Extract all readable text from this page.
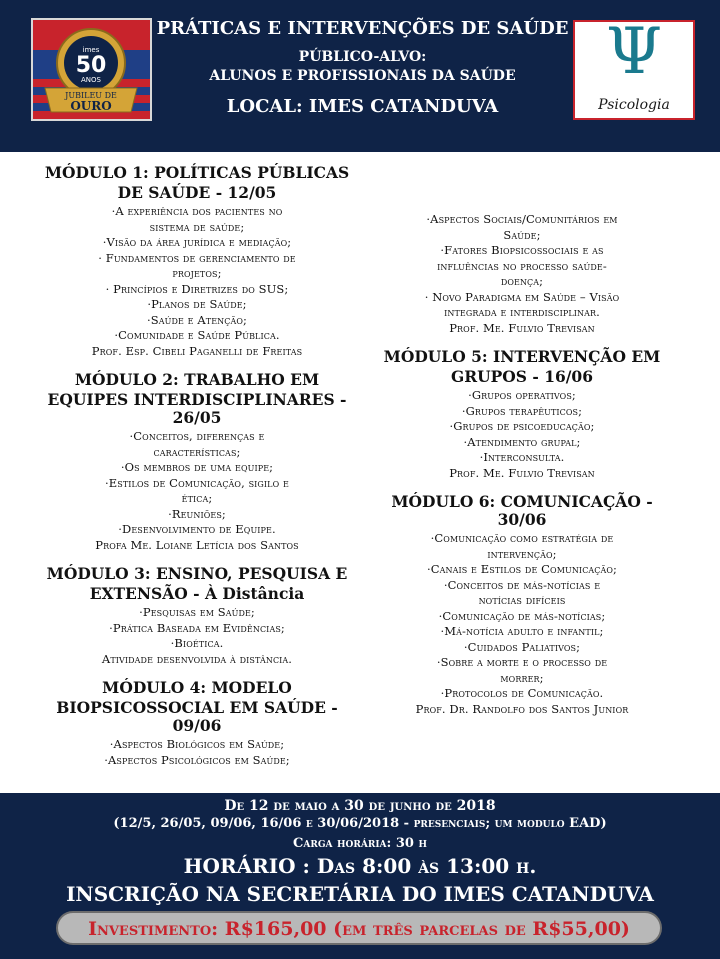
imes
50
ANOS
JUBILEU DE
OURO
PRÁTICAS E INTERVENÇÕES DE SAÚDE
PÚBLICO-ALVO:
ALUNOS E PROFISSIONAIS DA SAÚDE
LOCAL: IMES CATANDUVA
Ψ
Psicologia
MÓDULO 1: POLÍTICAS PÚBLICAS
DE SAÚDE - 12/05
·A experiência dos pacientes no
sistema de saúde;
·Visão da área jurídica e mediação;
· Fundamentos de gerenciamento de
projetos;
· Princípios e Diretrizes do SUS;
·Planos de Saúde;
·Saúde e Atenção;
·Comunidade e Saúde Pública.
Prof. Esp. Cibeli Paganelli de Freitas
MÓDULO 2: TRABALHO EM
EQUIPES INTERDISCIPLINARES - 26/05
·Conceitos, diferenças e
características;
·Os membros de uma equipe;
·Estilos de Comunicação, sigilo e
ética;
·Reuniões;
·Desenvolvimento de Equipe.
Profa Me. Loiane Letícia dos Santos
MÓDULO 3: ENSINO, PESQUISA E
EXTENSÃO - À Distância
·Pesquisas em Saúde;
·Prática Baseada em Evidências;
·Bioética.
Atividade desenvolvida à distância.
MÓDULO 4: MODELO
BIOPSICOSSOCIAL EM SAÚDE - 09/06
·Aspectos Biológicos em Saúde;
·Aspectos Psicológicos em Saúde;
·Aspectos Sociais/Comunitários em
Saúde;
·Fatores Biopsicossociais e as
influências no processo saúde-
doença;
· Novo Paradigma em Saúde – Visão
integrada e interdisciplinar.
Prof. Me. Fulvio Trevisan
MÓDULO 5: INTERVENÇÃO EM
GRUPOS - 16/06
·Grupos operativos;
·Grupos terapêuticos;
·Grupos de psicoeducação;
·Atendimento grupal;
·Interconsulta.
Prof. Me. Fulvio Trevisan
MÓDULO 6: COMUNICAÇÃO - 30/06
·Comunicação como estratégia de
intervenção;
·Canais e Estilos de Comunicação;
·Conceitos de más-notícias e
notícias difíceis
·Comunicação de más-notícias;
·Má-notícia adulto e infantil;
·Cuidados Paliativos;
·Sobre a morte e o processo de
morrer;
·Protocolos de Comunicação.
Prof. Dr. Randolfo dos Santos Junior
De 12 de maio a 30 de junho de 2018
(12/5, 26/05, 09/06, 16/06 e 30/06/2018 - presenciais; um modulo EAD)
Carga horária: 30 h
HORÁRIO : Das 8:00 às 13:00 h.
INSCRIÇÃO NA SECRETÁRIA DO IMES CATANDUVA
Investimento: R$165,00 (em três parcelas de R$55,00)
